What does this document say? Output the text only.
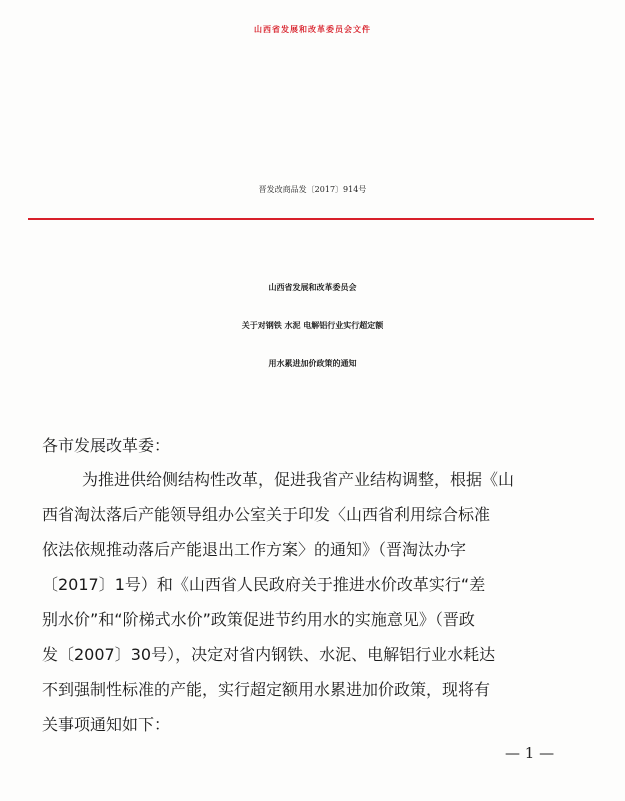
山西省发展和改革委员会文件
晋发改商品发〔2017〕914号
山西省发展和改革委员会
关于对钢铁 水泥 电解铝行业实行超定额
用水累进加价政策的通知
各市发展改革委：
为推进供给侧结构性改革，促进我省产业结构调整，根据《山
西省淘汰落后产能领导组办公室关于印发〈山西省利用综合标准
依法依规推动落后产能退出工作方案〉的通知》（晋淘汰办字
〔2017〕1号）和《山西省人民政府关于推进水价改革实行“差
别水价”和“阶梯式水价”政策促进节约用水的实施意见》（晋政
发〔2007〕30号），决定对省内钢铁、水泥、电解铝行业水耗达
不到强制性标准的产能，实行超定额用水累进加价政策，现将有
关事项通知如下：
— 1 —
